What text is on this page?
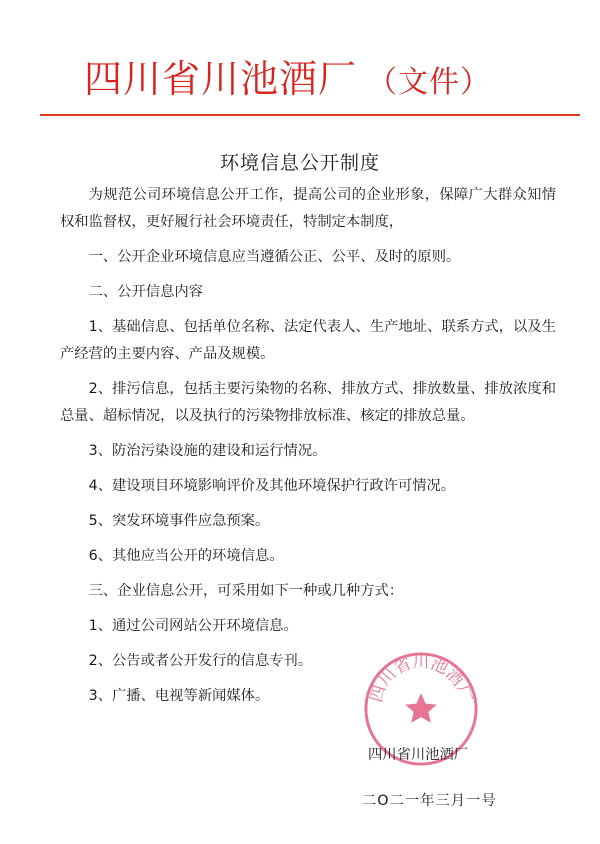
四川省川池酒厂 （文件）
环境信息公开制度

为规范公司环境信息公开工作，提高公司的企业形象，保障广大群众知情权和监督权，更好履行社会环境责任，特制定本制度，

一、公开企业环境信息应当遵循公正、公平、及时的原则。

二、公开信息内容

1、基础信息、包括单位名称、法定代表人、生产地址、联系方式，以及生产经营的主要内容、产品及规模。

2、排污信息，包括主要污染物的名称、排放方式、排放数量、排放浓度和总量、超标情况，以及执行的污染物排放标准、核定的排放总量。

3、防治污染设施的建设和运行情况。

4、建设项目环境影响评价及其他环境保护行政许可情况。

5、突发环境事件应急预案。

6、其他应当公开的环境信息。

三、企业信息公开，可采用如下一种或几种方式：

1、通过公司网站公开环境信息。

2、公告或者公开发行的信息专刊。

3、广播、电视等新闻媒体。	四川省川池酒厂
四川省川池酒厂
二O二一年三月一号
